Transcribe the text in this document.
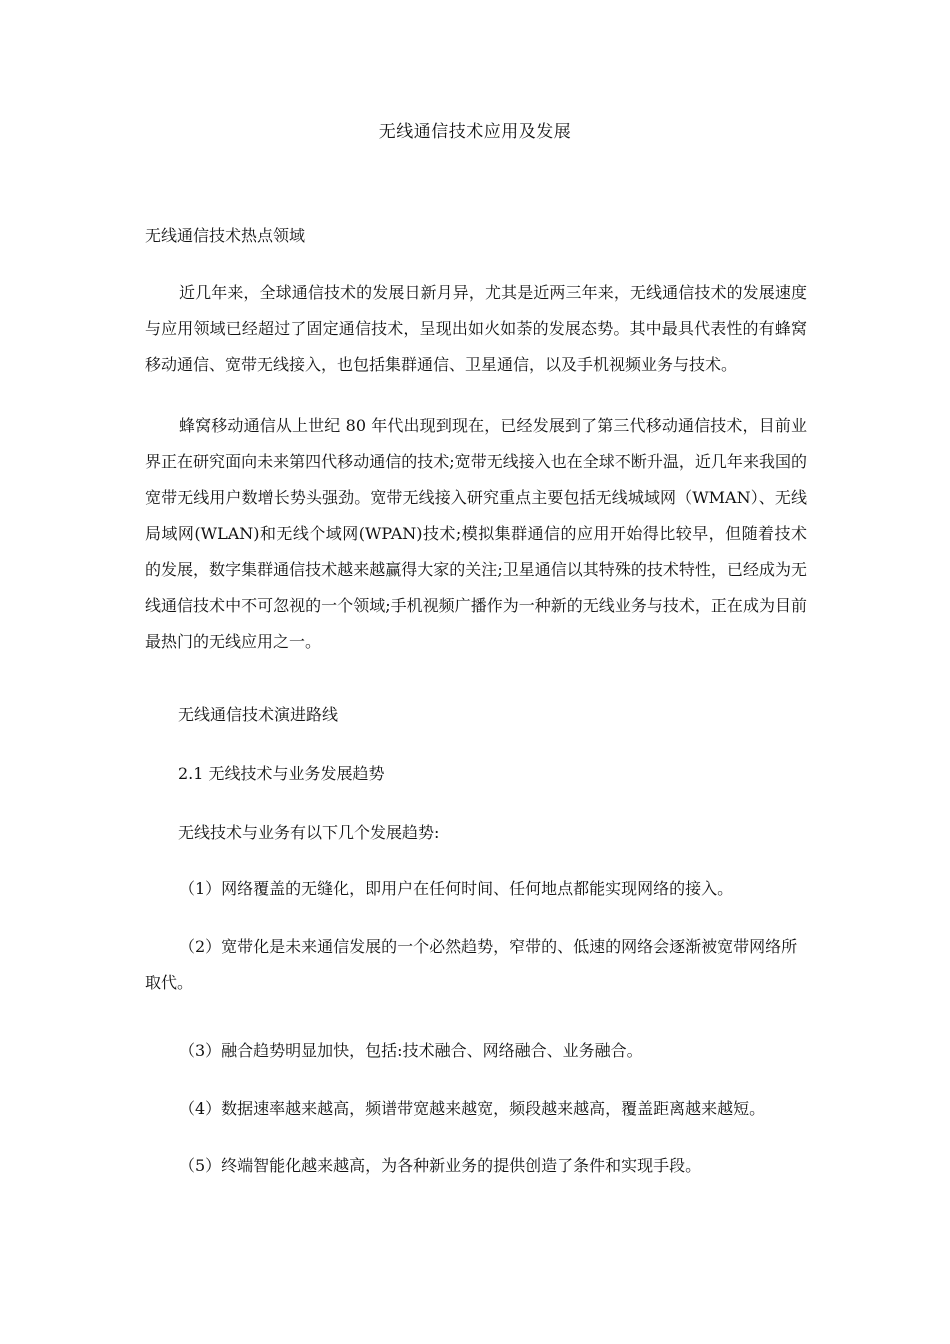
无线通信技术应用及发展
无线通信技术热点领域

近几年来，全球通信技术的发展日新月异，尤其是近两三年来，无线通信技术的发展速度与应用领域已经超过了固定通信技术，呈现出如火如荼的发展态势。其中最具代表性的有蜂窝移动通信、宽带无线接入，也包括集群通信、卫星通信，以及手机视频业务与技术。

蜂窝移动通信从上世纪 80 年代出现到现在，已经发展到了第三代移动通信技术，目前业界正在研究面向未来第四代移动通信的技术;宽带无线接入也在全球不断升温，近几年来我国的宽带无线用户数增长势头强劲。宽带无线接入研究重点主要包括无线城域网（WMAN）、无线局域网(WLAN)和无线个域网(WPAN)技术;模拟集群通信的应用开始得比较早，但随着技术的发展，数字集群通信技术越来越赢得大家的关注;卫星通信以其特殊的技术特性，已经成为无线通信技术中不可忽视的一个领域;手机视频广播作为一种新的无线业务与技术，正在成为目前最热门的无线应用之一。

无线通信技术演进路线
2.1 无线技术与业务发展趋势
无线技术与业务有以下几个发展趋势:

（1）网络覆盖的无缝化，即用户在任何时间、任何地点都能实现网络的接入。

（2）宽带化是未来通信发展的一个必然趋势，窄带的、低速的网络会逐渐被宽带网络所取代。

（3）融合趋势明显加快，包括:技术融合、网络融合、业务融合。

（4）数据速率越来越高，频谱带宽越来越宽，频段越来越高，覆盖距离越来越短。

（5）终端智能化越来越高，为各种新业务的提供创造了条件和实现手段。
